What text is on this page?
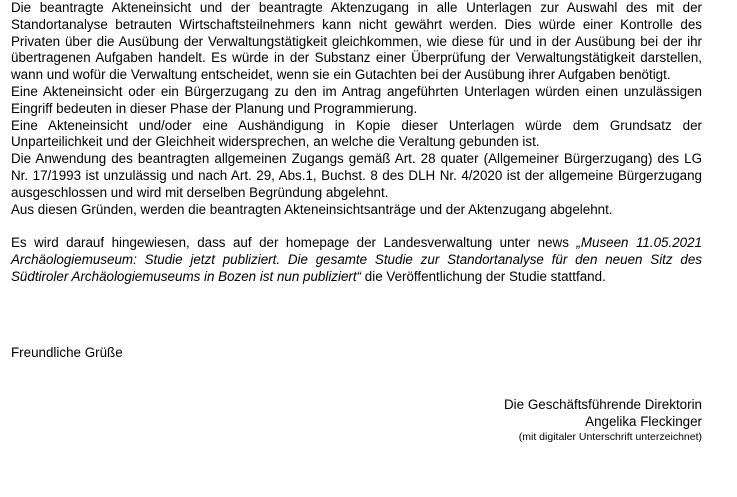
Die beantragte Akteneinsicht und der beantragte Aktenzugang in alle Unterlagen zur Auswahl des mit der Standortanalyse betrauten Wirtschaftsteilnehmers kann nicht gewährt werden. Dies würde einer Kontrolle des Privaten über die Ausübung der Verwaltungstätigkeit gleichkommen, wie diese für und in der Ausübung bei der ihr übertragenen Aufgaben handelt. Es würde in der Substanz einer Überprüfung der Verwaltungstätigkeit darstellen, wann und wofür die Verwaltung entscheidet, wenn sie ein Gutachten bei der Ausübung ihrer Aufgaben benötigt.

Eine Akteneinsicht oder ein Bürgerzugang zu den im Antrag angeführten Unterlagen würden einen unzulässigen Eingriff bedeuten in dieser Phase der Planung und Programmierung.

Eine Akteneinsicht und/oder eine Aushändigung in Kopie dieser Unterlagen würde dem Grundsatz der Unparteilichkeit und der Gleichheit widersprechen, an welche die Veraltung gebunden ist.

Die Anwendung des beantragten allgemeinen Zugangs gemäß Art. 28 quater (Allgemeiner Bürgerzugang) des LG Nr. 17/1993 ist unzulässig und nach Art. 29, Abs.1, Buchst. 8 des DLH Nr. 4/2020 ist der allgemeine Bürgerzugang ausgeschlossen und wird mit derselben Begründung abgelehnt.

Aus diesen Gründen, werden die beantragten Akteneinsichtsanträge und der Aktenzugang abgelehnt.

Es wird darauf hingewiesen, dass auf der homepage der Landesverwaltung unter news „Museen 11.05.2021 Archäologiemuseum: Studie jetzt publiziert. Die gesamte Studie zur Standortanalyse für den neuen Sitz des Südtiroler Archäologiemuseums in Bozen ist nun publiziert“ die Veröffentlichung der Studie stattfand.

Freundliche Grüße
Die Geschäftsführende Direktorin
Angelika Fleckinger
(mit digitaler Unterschrift unterzeichnet)
